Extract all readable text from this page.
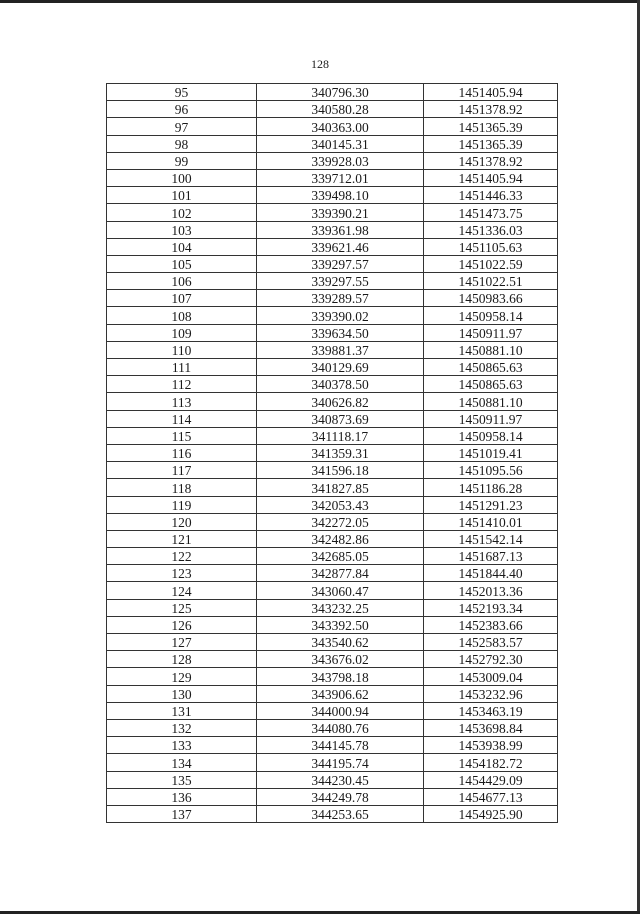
128
95	340796.30	1451405.94
96	340580.28	1451378.92
97	340363.00	1451365.39
98	340145.31	1451365.39
99	339928.03	1451378.92
100	339712.01	1451405.94
101	339498.10	1451446.33
102	339390.21	1451473.75
103	339361.98	1451336.03
104	339621.46	1451105.63
105	339297.57	1451022.59
106	339297.55	1451022.51
107	339289.57	1450983.66
108	339390.02	1450958.14
109	339634.50	1450911.97
110	339881.37	1450881.10
111	340129.69	1450865.63
112	340378.50	1450865.63
113	340626.82	1450881.10
114	340873.69	1450911.97
115	341118.17	1450958.14
116	341359.31	1451019.41
117	341596.18	1451095.56
118	341827.85	1451186.28
119	342053.43	1451291.23
120	342272.05	1451410.01
121	342482.86	1451542.14
122	342685.05	1451687.13
123	342877.84	1451844.40
124	343060.47	1452013.36
125	343232.25	1452193.34
126	343392.50	1452383.66
127	343540.62	1452583.57
128	343676.02	1452792.30
129	343798.18	1453009.04
130	343906.62	1453232.96
131	344000.94	1453463.19
132	344080.76	1453698.84
133	344145.78	1453938.99
134	344195.74	1454182.72
135	344230.45	1454429.09
136	344249.78	1454677.13
137	344253.65	1454925.90
